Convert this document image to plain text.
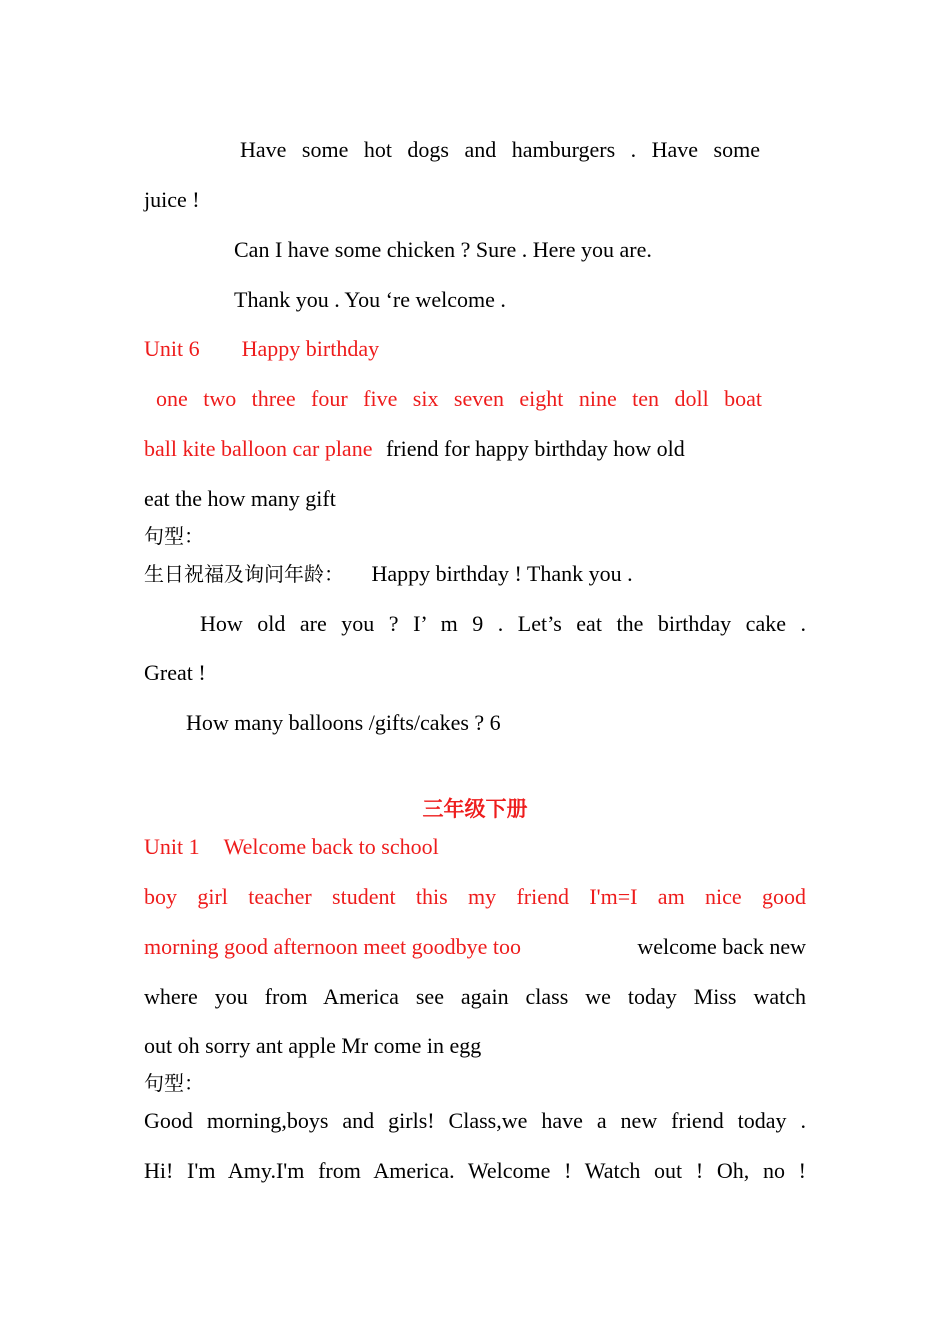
Have some hot dogs and hamburgers . Have some

juice !

Can I have some chicken ? Sure . Here you are.

Thank you . You ‘re welcome .

Unit 6 Happy birthday

one two three four five six seven eight nine ten doll boat

ball kite balloon car plane friend for happy birthday how old

eat the how many gift

句型：

生日祝福及询问年龄： Happy birthday ! Thank you .

How old are you ? I’ m 9 . Let’s eat the birthday cake .

Great !

How many balloons /gifts/cakes ? 6

三年级下册

Unit 1 Welcome back to school

boy girl teacher student this my friend I'm=I am nice good

morning good afternoon meet goodbye too	welcome back new

where you from America see again class we today Miss watch

out oh sorry ant apple Mr come in egg

句型：

Good morning,boys and girls! Class,we have a new friend today .

Hi! I'm Amy.I'm from America. Welcome ! Watch out ! Oh, no !
